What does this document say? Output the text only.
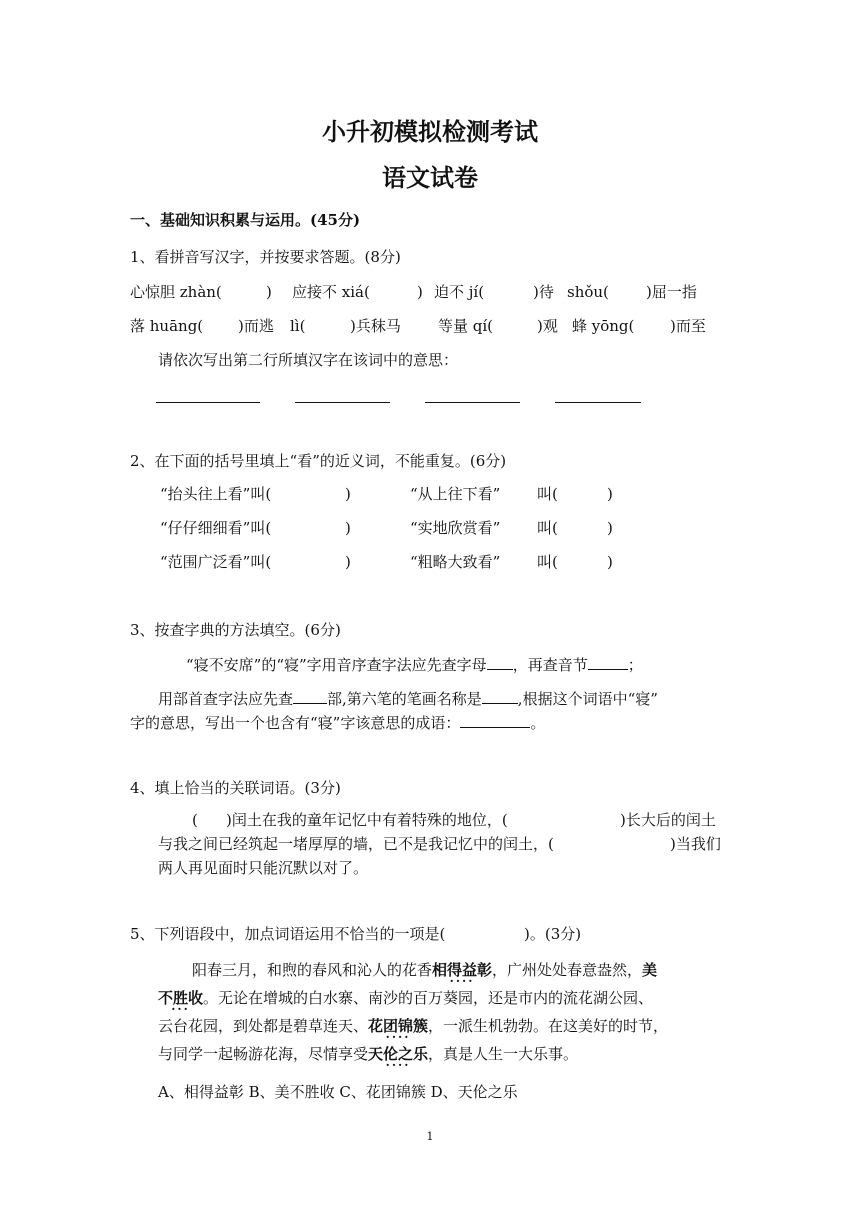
小升初模拟检测考试
语文试卷
一、基础知识积累与运用。(45分)
1、看拼音写汉字，并按要求答题。(8分)
心惊胆 zhàn(	) 应接不 xiá(	) 迫不 jí(	)待 shǒu( )屈一指
落 huāng( )而逃 lì(	)兵秣马 等量 qí(	)观 蜂 yōng( )而至
请依次写出第二行所填汉字在该词中的意思：
2、在下面的括号里填上“看”的近义词，不能重复。(6分)
“抬头往上看”叫(	)	“从上往下看” 叫(	)
“仔仔细细看”叫(	)	“实地欣赏看” 叫(	)
“范围广泛看”叫(	)	“粗略大致看” 叫(	)
3、按查字典的方法填空。(6分)
“寝不安席”的“寝”字用音序查字法应先查字母 ，再查音节	；
用部首查字法应先查 部,第六笔的笔画名称是 ,根据这个词语中“寝”
字的意思，写出一个也含有“寝”字该意思的成语：	。
4、填上恰当的关联词语。(3分)
( )闰土在我的童年记忆中有着特殊的地位，(	)长大后的闰土
与我之间已经筑起一堵厚厚的墙，已不是我记忆中的闰土，(	)当我们
两人再见面时只能沉默以对了。
5、下列语段中，加点词语运用不恰当的一项是(	)。(3分)
阳春三月，和煦的春风和沁人的花香相得益彰 ····，广州处处春意盎然，美
不胜收 ···。无论在增城的白水寨、南沙的百万葵园，还是市内的流花湖公园、
云台花园，到处都是碧草连天、花团锦簇 ····，一派生机勃勃。在这美好的时节，
与同学一起畅游花海，尽情享受天伦之乐 ····，真是人生一大乐事。
A、相得益彰 B、美不胜收 C、花团锦簇 D、天伦之乐
1
